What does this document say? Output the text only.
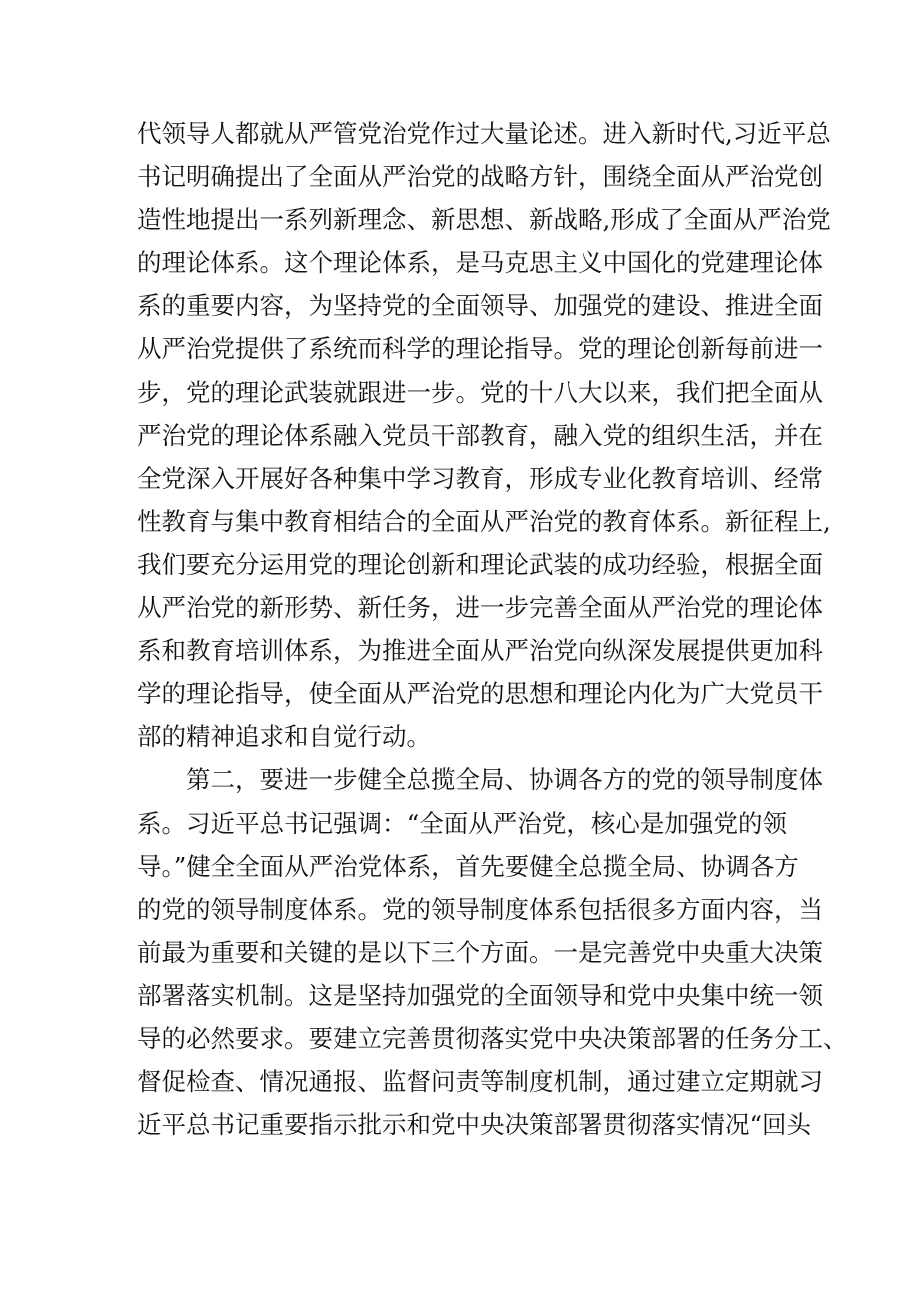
代领导人都就从严管党治党作过大量论述。进入新时代,习近平总
书记明确提出了全面从严治党的战略方针，围绕全面从严治党创
造性地提出一系列新理念、新思想、新战略,形成了全面从严治党
的理论体系。这个理论体系，是马克思主义中国化的党建理论体
系的重要内容，为坚持党的全面领导、加强党的建设、推进全面
从严治党提供了系统而科学的理论指导。党的理论创新每前进一
步，党的理论武装就跟进一步。党的十八大以来，我们把全面从
严治党的理论体系融入党员干部教育，融入党的组织生活，并在
全党深入开展好各种集中学习教育，形成专业化教育培训、经常
性教育与集中教育相结合的全面从严治党的教育体系。新征程上,
我们要充分运用党的理论创新和理论武装的成功经验，根据全面
从严治党的新形势、新任务，进一步完善全面从严治党的理论体
系和教育培训体系，为推进全面从严治党向纵深发展提供更加科
学的理论指导，使全面从严治党的思想和理论内化为广大党员干
部的精神追求和自觉行动。
第二，要进一步健全总揽全局、协调各方的党的领导制度体
系。习近平总书记强调：“全面从严治党，核心是加强党的领
导。”健全全面从严治党体系，首先要健全总揽全局、协调各方
的党的领导制度体系。党的领导制度体系包括很多方面内容，当
前最为重要和关键的是以下三个方面。一是完善党中央重大决策
部署落实机制。这是坚持加强党的全面领导和党中央集中统一领
导的必然要求。要建立完善贯彻落实党中央决策部署的任务分工、
督促检查、情况通报、监督问责等制度机制，通过建立定期就习
近平总书记重要指示批示和党中央决策部署贯彻落实情况“回头
